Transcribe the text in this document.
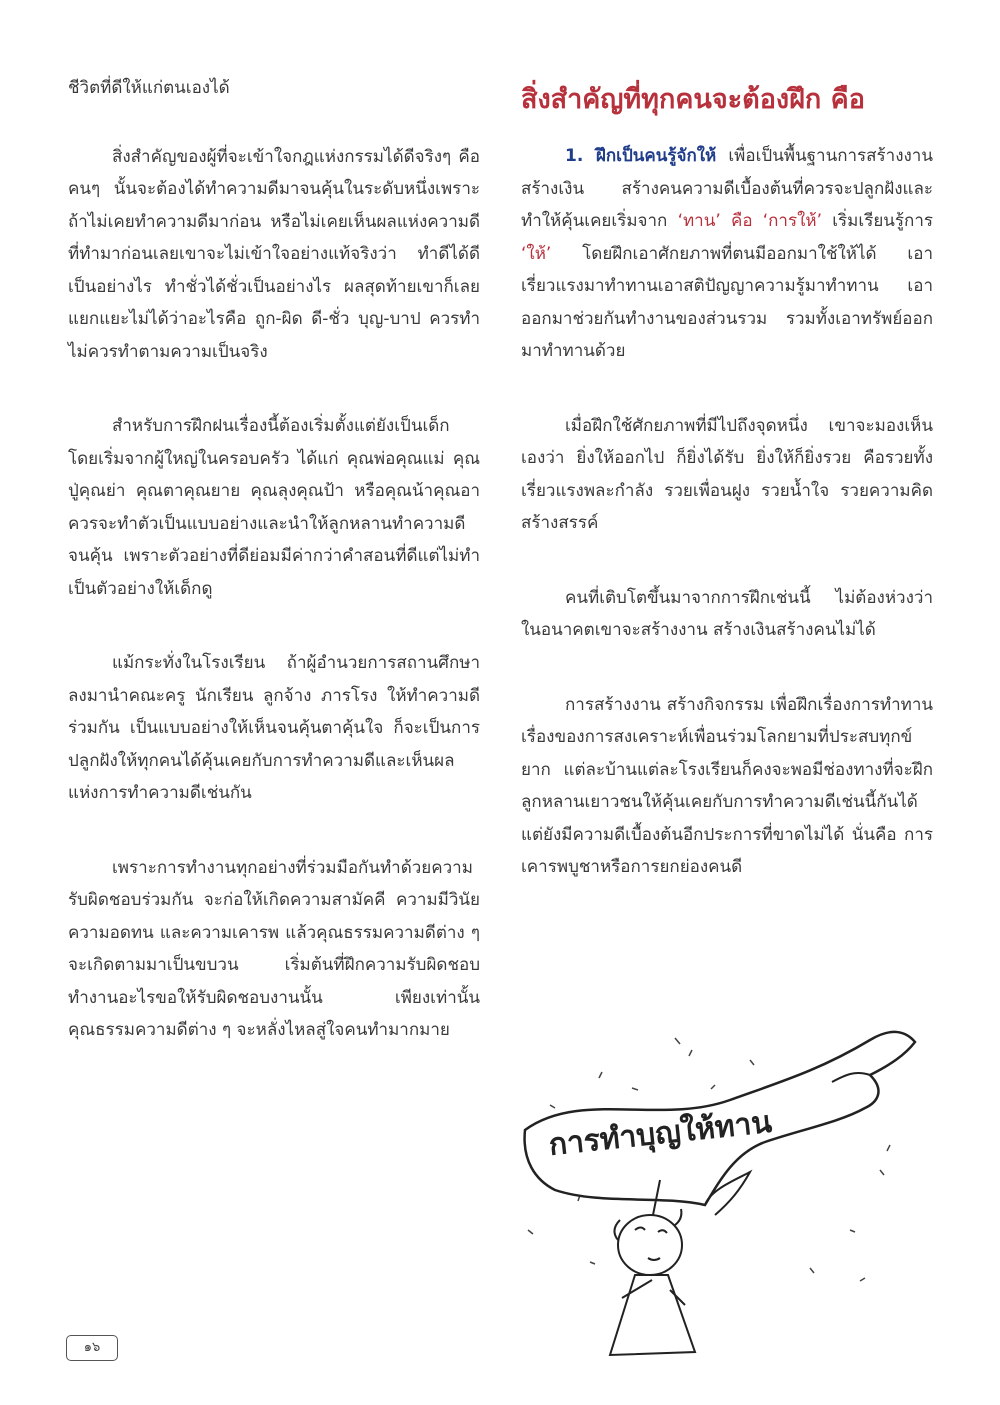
ชีวิตที่ดีให้แก่ตนเองได้

สิ่งสำคัญของผู้ที่จะเข้าใจกฎแห่งกรรมได้ดีจริงๆ คือ คนๆ นั้นจะต้องได้ทำความดีมาจนคุ้นในระดับหนึ่งเพราะถ้าไม่เคยทำความดีมาก่อน หรือไม่เคยเห็นผลแห่งความดีที่ทำมาก่อนเลยเขาจะไม่เข้าใจอย่างแท้จริงว่า ทำดีได้ดีเป็นอย่างไร ทำชั่วได้ชั่วเป็นอย่างไร ผลสุดท้ายเขาก็เลยแยกแยะไม่ได้ว่าอะไรคือ ถูก-ผิด ดี-ชั่ว บุญ-บาป ควรทำไม่ควรทำตามความเป็นจริง

สำหรับการฝึกฝนเรื่องนี้ต้องเริ่มตั้งแต่ยังเป็นเด็ก โดยเริ่มจากผู้ใหญ่ในครอบครัว ได้แก่ คุณพ่อคุณแม่ คุณปู่คุณย่า คุณตาคุณยาย คุณลุงคุณป้า หรือคุณน้าคุณอา ควรจะทำตัวเป็นแบบอย่างและนำให้ลูกหลานทำความดีจนคุ้น เพราะตัวอย่างที่ดีย่อมมีค่ากว่าคำสอนที่ดีแต่ไม่ทำเป็นตัวอย่างให้เด็กดู

แม้กระทั่งในโรงเรียน ถ้าผู้อำนวยการสถานศึกษาลงมานำคณะครู นักเรียน ลูกจ้าง ภารโรง ให้ทำความดีร่วมกัน เป็นแบบอย่างให้เห็นจนคุ้นตาคุ้นใจ ก็จะเป็นการปลูกฝังให้ทุกคนได้คุ้นเคยกับการทำความดีและเห็นผลแห่งการทำความดีเช่นกัน

เพราะการทำงานทุกอย่างที่ร่วมมือกันทำด้วยความรับผิดชอบร่วมกัน จะก่อให้เกิดความสามัคคี ความมีวินัย ความอดทน และความเคารพ แล้วคุณธรรมความดีต่าง ๆ จะเกิดตามมาเป็นขบวน เริ่มต้นที่ฝึกความรับผิดชอบ ทำงานอะไรขอให้รับผิดชอบงานนั้น เพียงเท่านั้นคุณธรรมความดีต่าง ๆ จะหลั่งไหลสู่ใจคนทำมากมาย

สิ่งสำคัญที่ทุกคนจะต้องฝึก คือ

1. ฝึกเป็นคนรู้จักให้ เพื่อเป็นพื้นฐานการสร้างงาน สร้างเงิน สร้างคนความดีเบื้องต้นที่ควรจะปลูกฝังและทำให้คุ้นเคยเริ่มจาก ‘ทาน’ คือ ‘การให้’ เริ่มเรียนรู้การ ‘ให้’ โดยฝึกเอาศักยภาพที่ตนมีออกมาใช้ให้ได้ เอาเรี่ยวแรงมาทำทานเอาสติปัญญาความรู้มาทำทาน เอาออกมาช่วยกันทำงานของส่วนรวม รวมทั้งเอาทรัพย์ออกมาทำทานด้วย

เมื่อฝึกใช้ศักยภาพที่มีไปถึงจุดหนึ่ง เขาจะมองเห็นเองว่า ยิ่งให้ออกไป ก็ยิ่งได้รับ ยิ่งให้ก็ยิ่งรวย คือรวยทั้งเรี่ยวแรงพละกำลัง รวยเพื่อนฝูง รวยน้ำใจ รวยความคิดสร้างสรรค์

คนที่เติบโตขึ้นมาจากการฝึกเช่นนี้ ไม่ต้องห่วงว่า ในอนาคตเขาจะสร้างงาน สร้างเงินสร้างคนไม่ได้

การสร้างงาน สร้างกิจกรรม เพื่อฝึกเรื่องการทำทาน เรื่องของการสงเคราะห์เพื่อนร่วมโลกยามที่ประสบทุกข์ยาก แต่ละบ้านแต่ละโรงเรียนก็คงจะพอมีช่องทางที่จะฝึกลูกหลานเยาวชนให้คุ้นเคยกับการทำความดีเช่นนี้กันได้ แต่ยังมีความดีเบื้องต้นอีกประการที่ขาดไม่ได้ นั่นคือ การเคารพบูชาหรือการยกย่องคนดี

การทำบุญให้ทาน
๑๖
